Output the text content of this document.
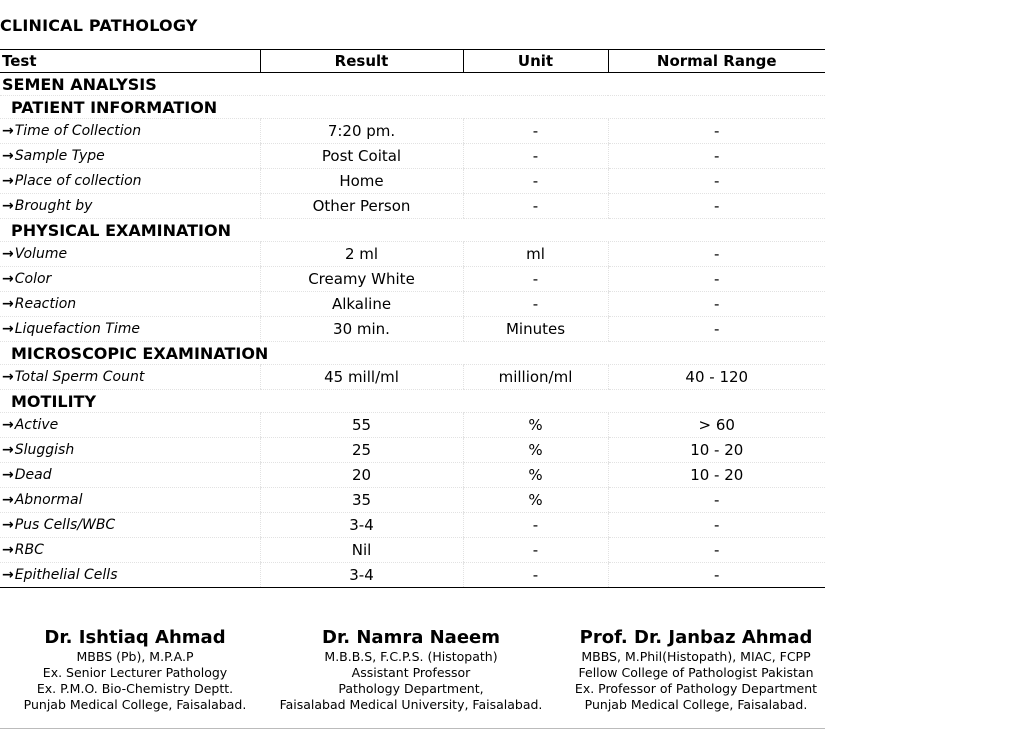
CLINICAL PATHOLOGY
Test	Result	Unit	Normal Range
SEMEN ANALYSIS			
PATIENT INFORMATION			
→Time of Collection	7:20 pm.	-	-
→Sample Type	Post Coital	-	-
→Place of collection	Home	-	-
→Brought by	Other Person	-	-
PHYSICAL EXAMINATION			
→Volume	2 ml	ml	-
→Color	Creamy White	-	-
→Reaction	Alkaline	-	-
→Liquefaction Time	30 min.	Minutes	-
MICROSCOPIC EXAMINATION			
→Total Sperm Count	45 mill/ml	million/ml	40 - 120
MOTILITY			
→Active	55	%	> 60
→Sluggish	25	%	10 - 20
→Dead	20	%	10 - 20
→Abnormal	35	%	-
→Pus Cells/WBC	3-4	-	-
→RBC	Nil	-	-
→Epithelial Cells	3-4	-	-
Dr. Ishtiaq Ahmad
MBBS (Pb), M.P.A.P
Ex. Senior Lecturer Pathology
Ex. P.M.O. Bio-Chemistry Deptt.
Punjab Medical College, Faisalabad.
Dr. Namra Naeem
M.B.B.S, F.C.P.S. (Histopath)
Assistant Professor
Pathology Department,
Faisalabad Medical University, Faisalabad.
Prof. Dr. Janbaz Ahmad
MBBS, M.Phil(Histopath), MIAC, FCPP
Fellow College of Pathologist Pakistan
Ex. Professor of Pathology Department
Punjab Medical College, Faisalabad.
